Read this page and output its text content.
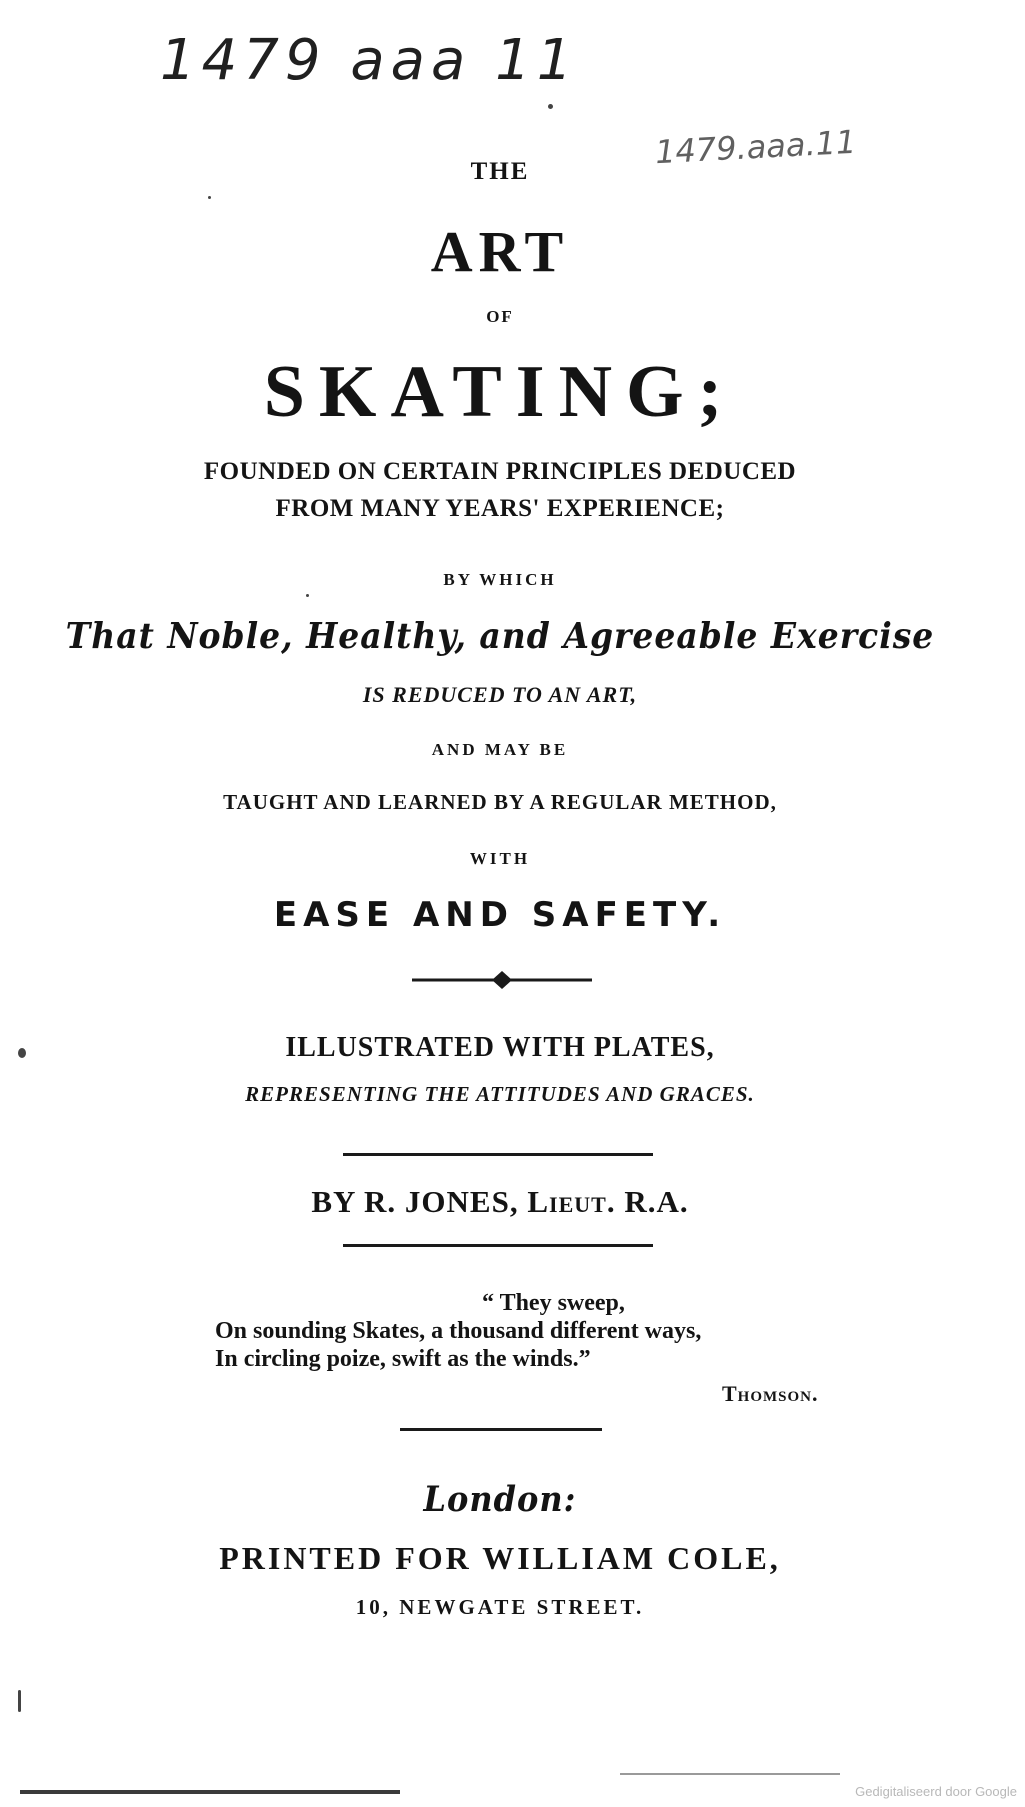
1479 aaa 11
1479.aaa.11
THE
ART
OF
SKATING;
FOUNDED ON CERTAIN PRINCIPLES DEDUCED
FROM MANY YEARS' EXPERIENCE;
BY WHICH
That Noble, Healthy, and Agreeable Exercise
IS REDUCED TO AN ART,
AND MAY BE
TAUGHT AND LEARNED BY A REGULAR METHOD,
WITH
EASE AND SAFETY.
ILLUSTRATED WITH PLATES,
REPRESENTING THE ATTITUDES AND GRACES.
BY R. JONES, Lieut. R.A.
“ They sweep,
On sounding Skates, a thousand different ways,
In circling poize, swift as the winds.”
Thomson.
London:
PRINTED FOR WILLIAM COLE,
10, NEWGATE STREET.
Gedigitaliseerd door Google
